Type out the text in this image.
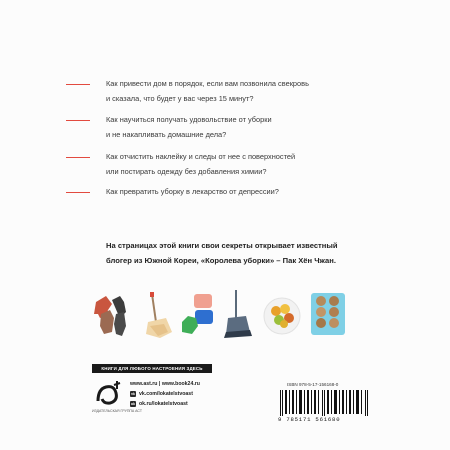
Как привести дом в порядок, если вам позвонила свекровь
и сказала, что будет у вас через 15 минут?
Как научиться получать удовольствие от уборки
и не накапливать домашние дела?
Как отчистить наклейку и следы от нее с поверхностей
или постирать одежду без добавления химии?
Как превратить уборку в лекарство от депрессии?
На страницах этой книги свои секреты открывает известный
блогер из Южной Кореи, «Королева уборки» – Пак Хён Чжан.
КНИГИ ДЛЯ ЛЮБОГО НАСТРОЕНИЯ ЗДЕСЬ
ИЗДАТЕЛЬСКАЯ ГРУППА АСТ
www.ast.ru | www.book24.ru
vk vk.com/lokatelstvoast
ok ok.ru/lokatelstvoast
ISBN 978-5-17-156168-0
9 785171 561680
